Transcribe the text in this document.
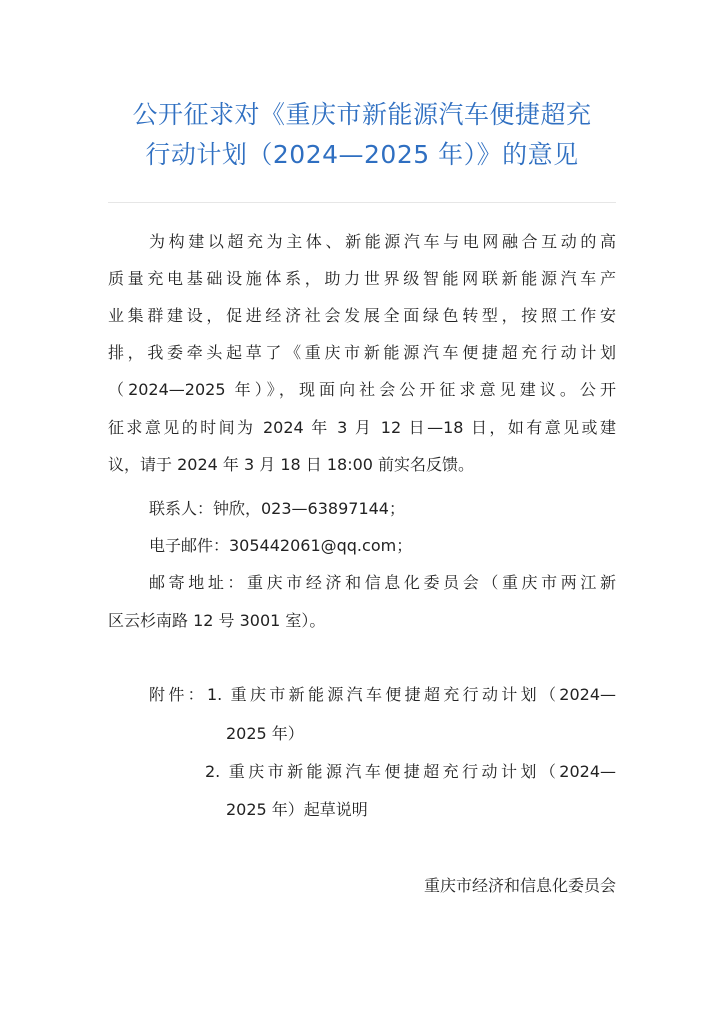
公开征求对《重庆市新能源汽车便捷超充
行动计划（2024—2025 年）》的意见
为构建以超充为主体、新能源汽车与电网融合互动的高
质量充电基础设施体系，助力世界级智能网联新能源汽车产
业集群建设，促进经济社会发展全面绿色转型，按照工作安
排，我委牵头起草了《重庆市新能源汽车便捷超充行动计划
（2024—2025 年）》，现面向社会公开征求意见建议。公开
征求意见的时间为 2024 年 3 月 12 日—18 日，如有意见或建
议，请于 2024 年 3 月 18 日 18:00 前实名反馈。
联系人：钟欣，023—63897144；
电子邮件：305442061@qq.com；
邮寄地址：重庆市经济和信息化委员会（重庆市两江新
区云杉南路 12 号 3001 室）。
附件：1. 重庆市新能源汽车便捷超充行动计划（2024—
2025 年）
2. 重庆市新能源汽车便捷超充行动计划（2024—
2025 年）起草说明
重庆市经济和信息化委员会
